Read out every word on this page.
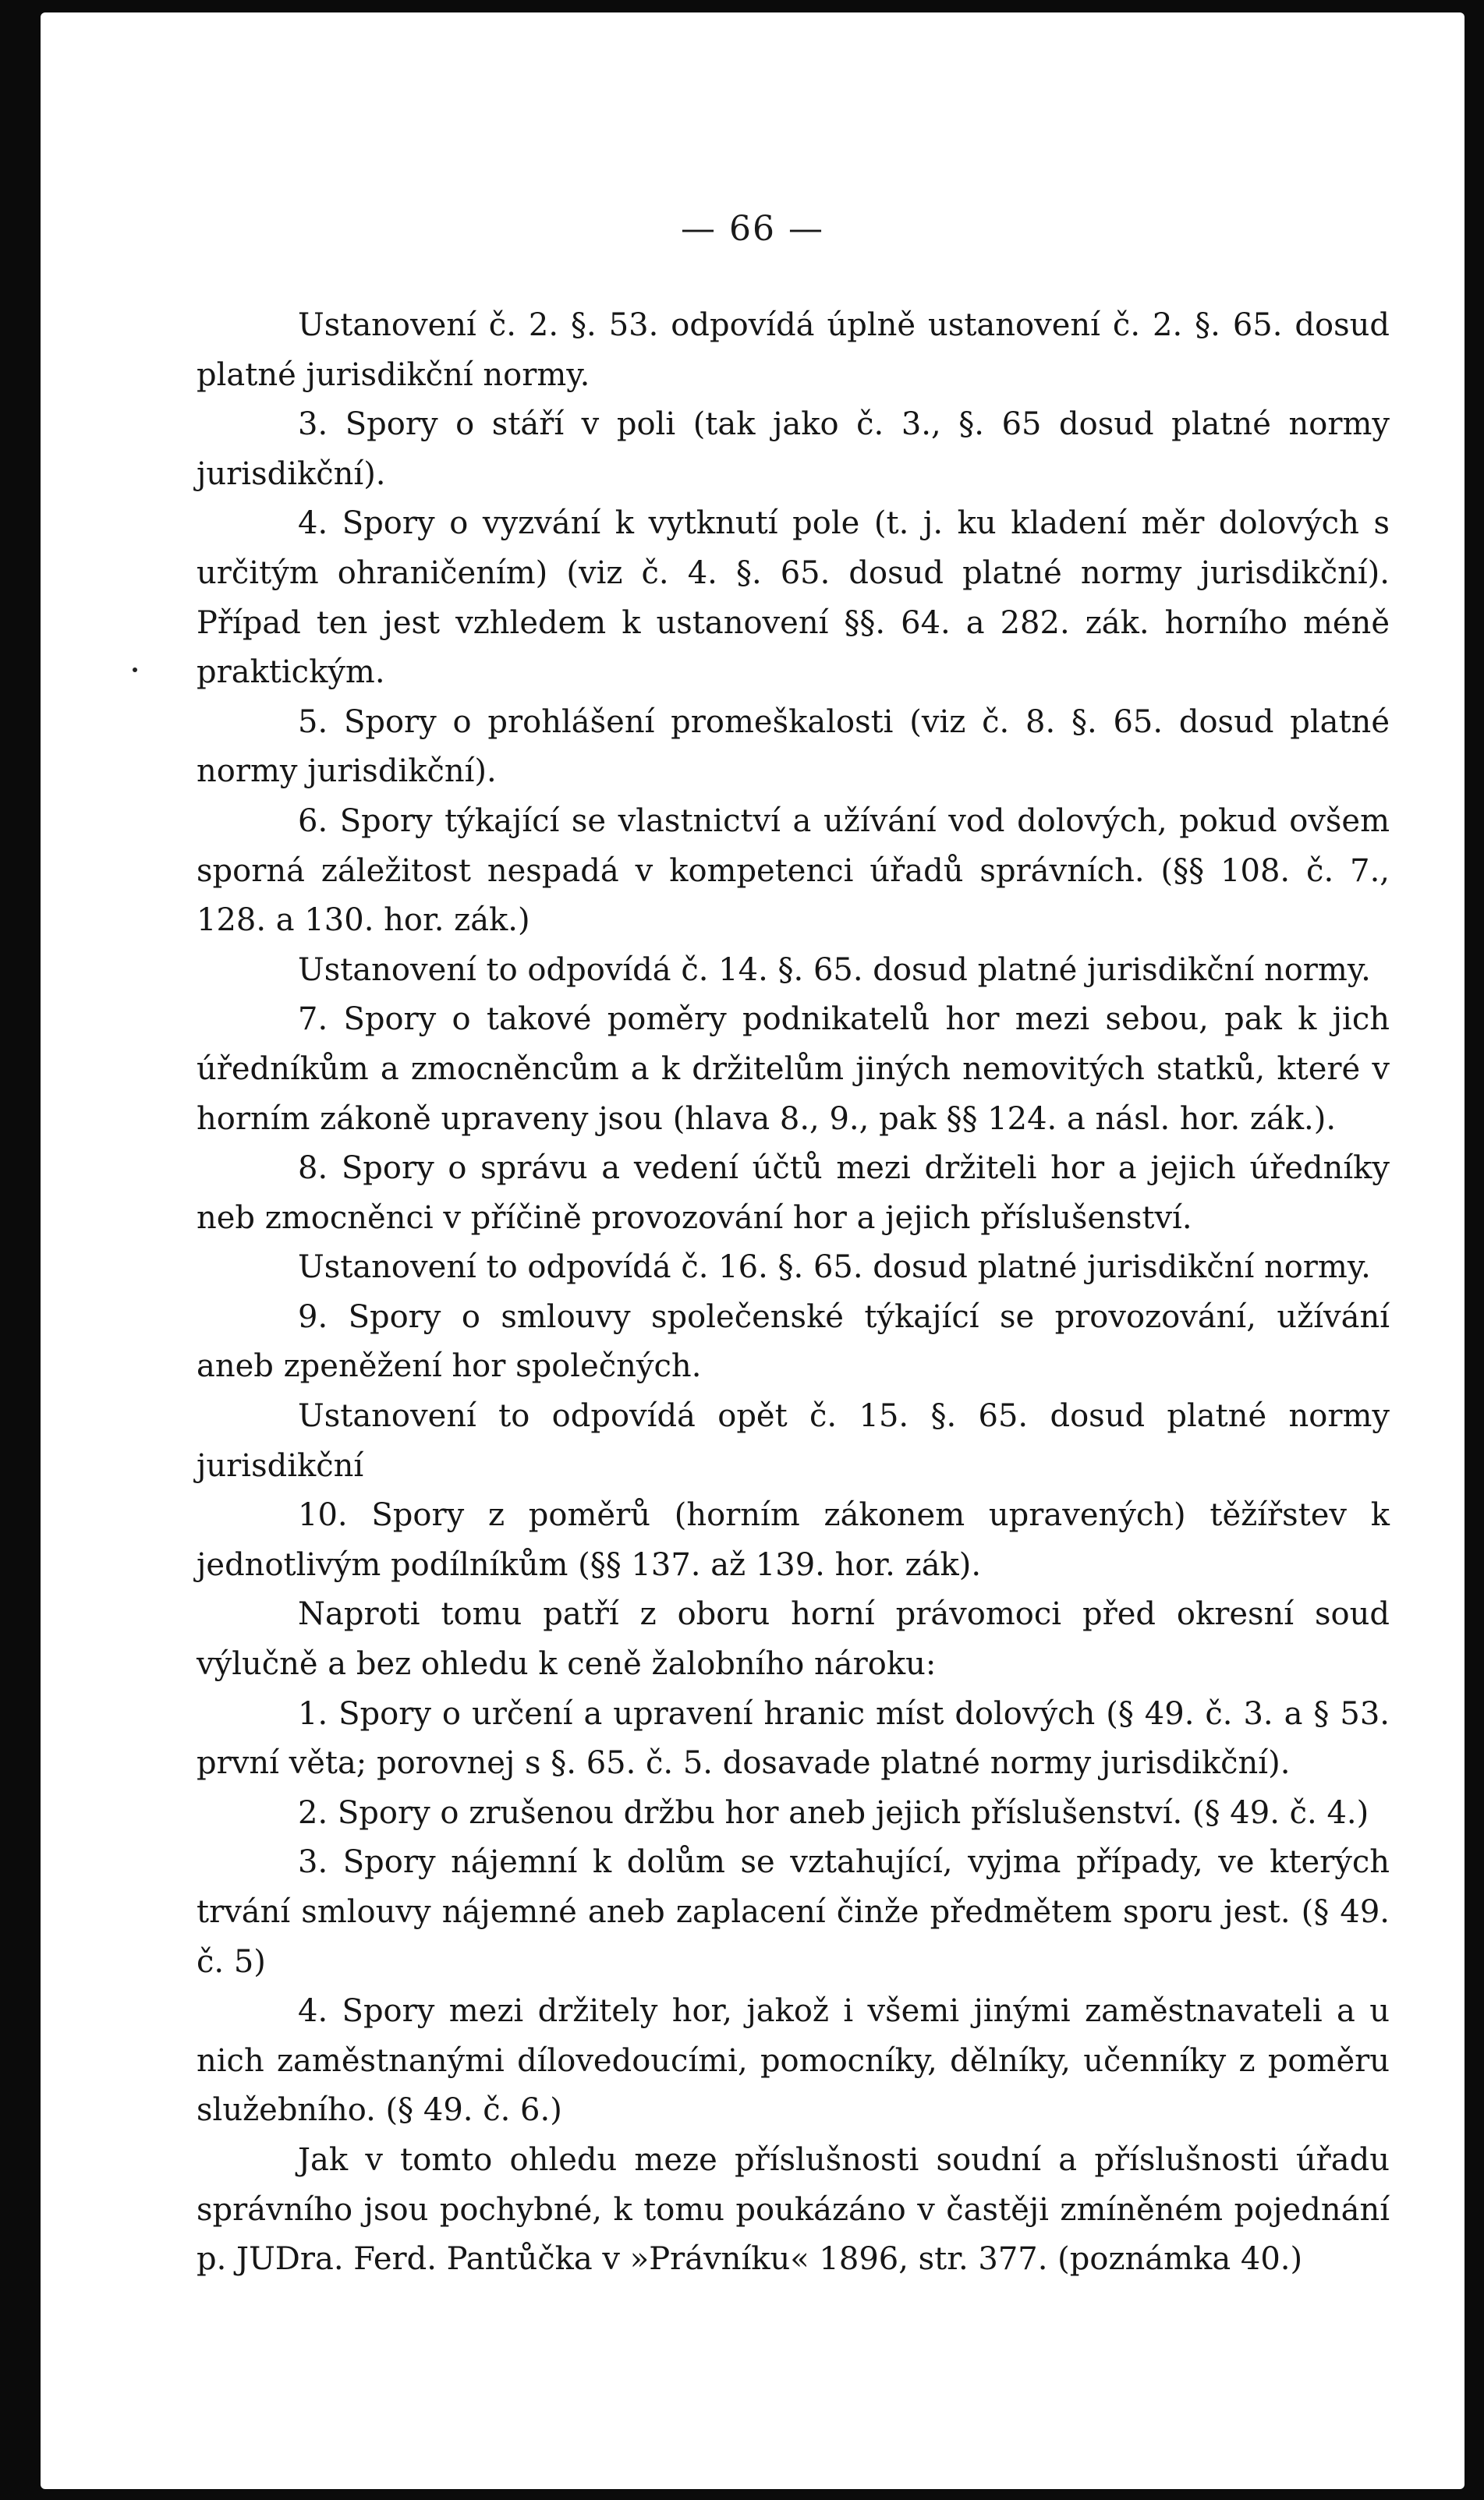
— 66 —

Ustanovení č. 2. §. 53. odpovídá úplně ustanovení č. 2. §. 65. dosud platné jurisdikční normy.

3. Spory o stáří v poli (tak jako č. 3., §. 65 dosud platné normy jurisdikční).

4. Spory o vyzvání k vytknutí pole (t. j. ku kladení měr dolových s určitým ohraničením) (viz č. 4. §. 65. dosud platné normy jurisdikční). Případ ten jest vzhledem k ustanovení §§. 64. a 282. zák. horního méně praktickým.

5. Spory o prohlášení promeškalosti (viz č. 8. §. 65. dosud platné normy jurisdikční).

6. Spory týkající se vlastnictví a užívání vod dolových, pokud ovšem sporná záležitost nespadá v kompetenci úřadů správních. (§§ 108. č. 7., 128. a 130. hor. zák.)

Ustanovení to odpovídá č. 14. §. 65. dosud platné jurisdikční normy.

7. Spory o takové poměry podnikatelů hor mezi sebou, pak k jich úředníkům a zmocněncům a k držitelům jiných nemovitých statků, které v horním zákoně upraveny jsou (hlava 8., 9., pak §§ 124. a násl. hor. zák.).

8. Spory o správu a vedení účtů mezi držiteli hor a jejich úředníky neb zmocněnci v příčině provozování hor a jejich příslušenství.

Ustanovení to odpovídá č. 16. §. 65. dosud platné jurisdikční normy.

9. Spory o smlouvy společenské týkající se provozování, užívání aneb zpeněžení hor společných.

Ustanovení to odpovídá opět č. 15. §. 65. dosud platné normy jurisdikční

10. Spory z poměrů (horním zákonem upravených) těžířstev k jednotlivým podílníkům (§§ 137. až 139. hor. zák).

Naproti tomu patří z oboru horní právomoci před okresní soud výlučně a bez ohledu k ceně žalobního nároku:

1. Spory o určení a upravení hranic míst dolových (§ 49. č. 3. a § 53. první věta; porovnej s §. 65. č. 5. dosavade platné normy jurisdikční).

2. Spory o zrušenou držbu hor aneb jejich příslušenství. (§ 49. č. 4.)

3. Spory nájemní k dolům se vztahující, vyjma případy, ve kterých trvání smlouvy nájemné aneb zaplacení činže předmětem sporu jest. (§ 49. č. 5)

4. Spory mezi držitely hor, jakož i všemi jinými zaměstnavateli a u nich zaměstnanými dílovedoucími, pomocníky, dělníky, učenníky z poměru služebního. (§ 49. č. 6.)

Jak v tomto ohledu meze příslušnosti soudní a příslušnosti úřadu správního jsou pochybné, k tomu poukázáno v častěji zmíněném pojednání p. JUDra. Ferd. Pantůčka v »Právníku« 1896, str. 377. (poznámka 40.)
